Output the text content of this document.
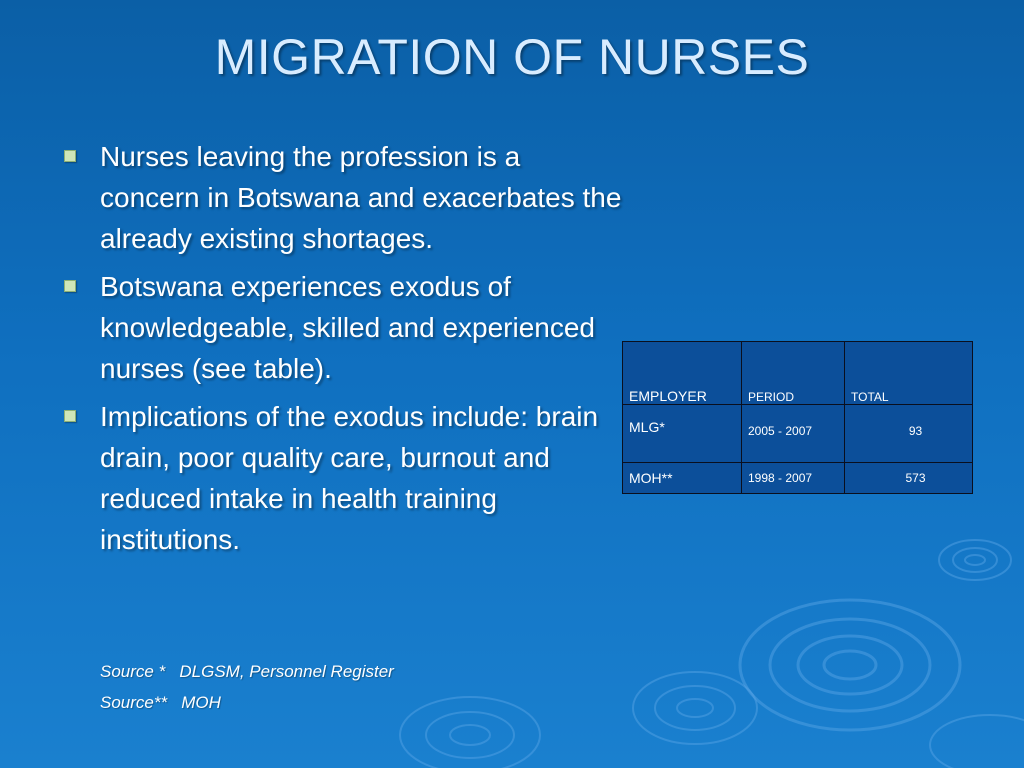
MIGRATION OF NURSES
Nurses leaving the profession is a concern in Botswana and exacerbates the already existing shortages.
Botswana experiences exodus of knowledgeable, skilled and experienced nurses (see table).
Implications of the exodus include: brain drain, poor quality care, burnout and reduced intake in health training institutions.
Source *   DLGSM, Personnel Register
Source**   MOH
EMPLOYER	PERIOD	TOTAL
MLG*	2005 - 2007	93
MOH**	1998 - 2007	573
